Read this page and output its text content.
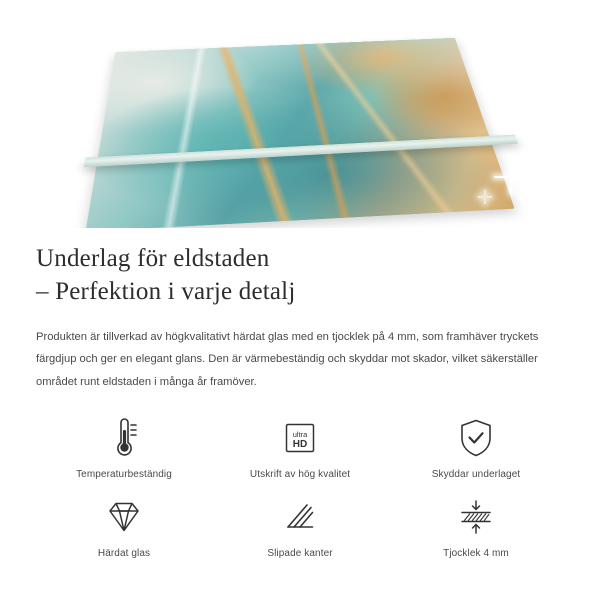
Underlag för eldstaden
– Perfektion i varje detalj

Produkten är tillverkad av högkvalitativt härdat glas med en tjocklek på 4 mm, som framhäver tryckets färgdjup och ger en elegant glans. Den är värmebeständig och skyddar mot skador, vilket säkerställer området runt eldstaden i många år framöver.

Temperaturbeständig
ultra
HD
Utskrift av hög kvalitet	Skyddar underlaget
Härdat glas	Slipade kanter	Tjocklek 4 mm
